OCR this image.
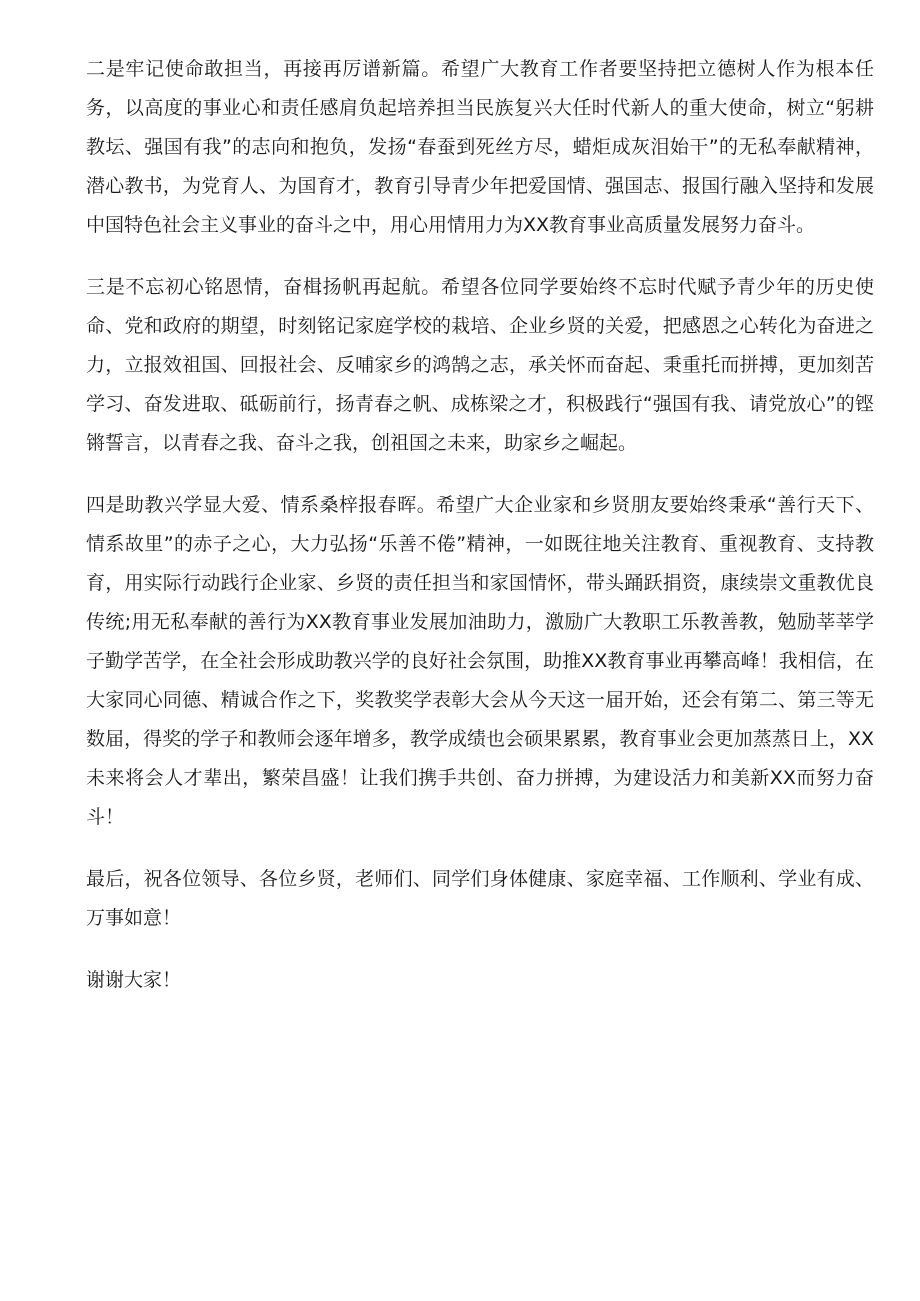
二是牢记使命敢担当，再接再厉谱新篇。希望广大教育工作者要坚持把立德树人作为根本任务，以高度的事业心和责任感肩负起培养担当民族复兴大任时代新人的重大使命，树立“躬耕教坛、强国有我”的志向和抱负，发扬“春蚕到死丝方尽，蜡炬成灰泪始干”的无私奉献精神，潜心教书，为党育人、为国育才，教育引导青少年把爱国情、强国志、报国行融入坚持和发展中国特色社会主义事业的奋斗之中，用心用情用力为XX教育事业高质量发展努力奋斗。

三是不忘初心铭恩情，奋楫扬帆再起航。希望各位同学要始终不忘时代赋予青少年的历史使命、党和政府的期望，时刻铭记家庭学校的栽培、企业乡贤的关爱，把感恩之心转化为奋进之力，立报效祖国、回报社会、反哺家乡的鸿鹄之志，承关怀而奋起、秉重托而拼搏，更加刻苦学习、奋发进取、砥砺前行，扬青春之帆、成栋梁之才，积极践行“强国有我、请党放心”的铿锵誓言，以青春之我、奋斗之我，创祖国之未来，助家乡之崛起。

四是助教兴学显大爱、情系桑梓报春晖。希望广大企业家和乡贤朋友要始终秉承“善行天下、情系故里”的赤子之心，大力弘扬“乐善不倦”精神，一如既往地关注教育、重视教育、支持教育，用实际行动践行企业家、乡贤的责任担当和家国情怀，带头踊跃捐资，康续崇文重教优良传统;用无私奉献的善行为XX教育事业发展加油助力，激励广大教职工乐教善教，勉励莘莘学子勤学苦学，在全社会形成助教兴学的良好社会氛围，助推XX教育事业再攀高峰！我相信，在大家同心同德、精诚合作之下，奖教奖学表彰大会从今天这一届开始，还会有第二、第三等无数届，得奖的学子和教师会逐年增多，教学成绩也会硕果累累，教育事业会更加蒸蒸日上，XX未来将会人才辈出，繁荣昌盛！让我们携手共创、奋力拼搏，为建设活力和美新XX而努力奋斗！

最后，祝各位领导、各位乡贤，老师们、同学们身体健康、家庭幸福、工作顺利、学业有成、万事如意！

谢谢大家！
